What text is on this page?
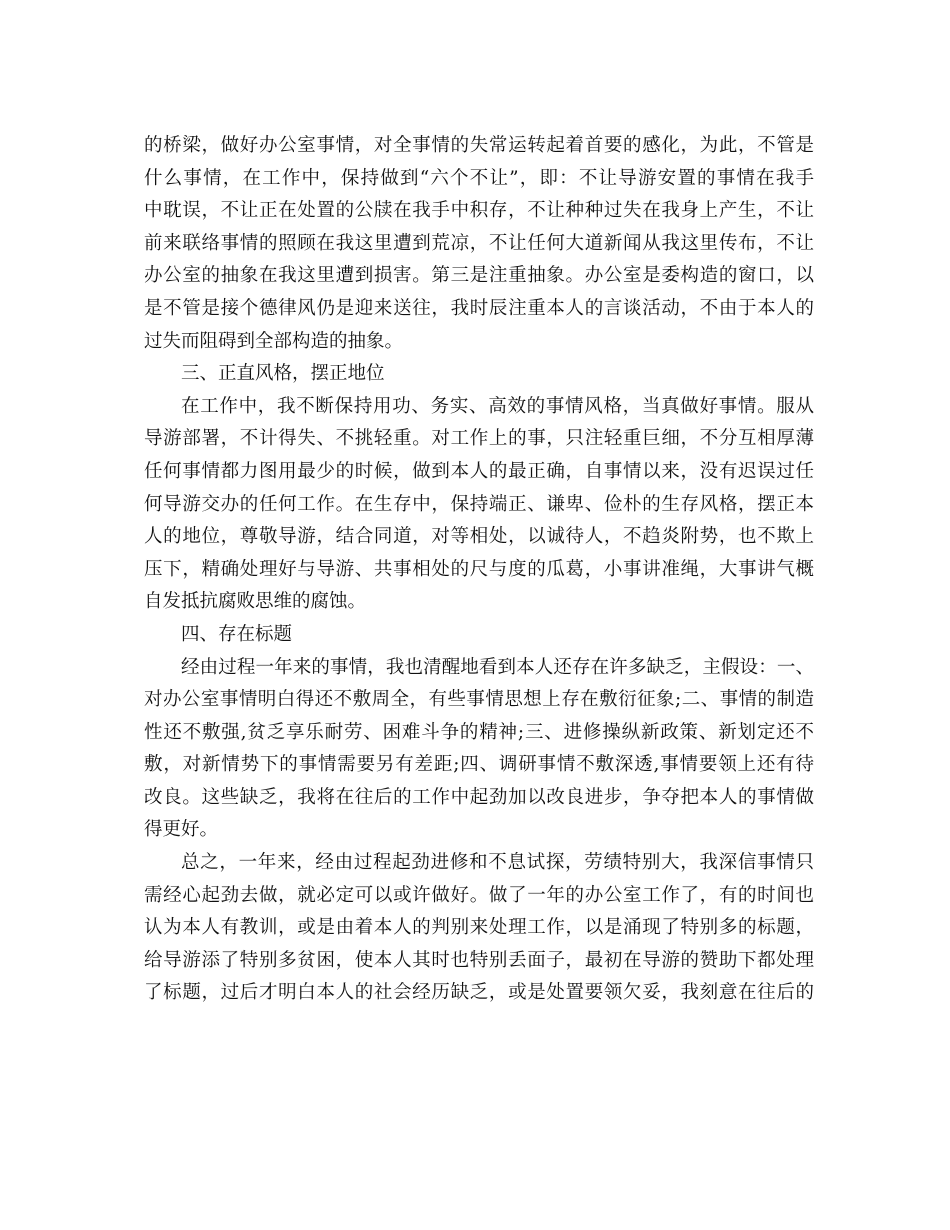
的桥梁，做好办公室事情，对全事情的失常运转起着首要的感化，为此，不管是
什么事情，在工作中，保持做到“六个不让”，即：不让导游安置的事情在我手
中耽误，不让正在处置的公牍在我手中积存，不让种种过失在我身上产生，不让
前来联络事情的照顾在我这里遭到荒凉，不让任何大道新闻从我这里传布，不让
办公室的抽象在我这里遭到损害。第三是注重抽象。办公室是委构造的窗口，以
是不管是接个德律风仍是迎来送往，我时辰注重本人的言谈活动，不由于本人的
过失而阻碍到全部构造的抽象。
三、正直风格，摆正地位
在工作中，我不断保持用功、务实、高效的事情风格，当真做好事情。服从
导游部署，不计得失、不挑轻重。对工作上的事，只注轻重巨细，不分互相厚薄
任何事情都力图用最少的时候，做到本人的最正确，自事情以来，没有迟误过任
何导游交办的任何工作。在生存中，保持端正、谦卑、俭朴的生存风格，摆正本
人的地位，尊敬导游，结合同道，对等相处，以诚待人，不趋炎附势，也不欺上
压下，精确处理好与导游、共事相处的尺与度的瓜葛，小事讲准绳，大事讲气概
自发抵抗腐败思维的腐蚀。
四、存在标题
经由过程一年来的事情，我也清醒地看到本人还存在许多缺乏，主假设：一、
对办公室事情明白得还不敷周全，有些事情思想上存在敷衍征象;二、事情的制造
性还不敷强,贫乏享乐耐劳、困难斗争的精神;三、进修操纵新政策、新划定还不
敷，对新情势下的事情需要另有差距;四、调研事情不敷深透,事情要领上还有待
改良。这些缺乏，我将在往后的工作中起劲加以改良进步，争夺把本人的事情做
得更好。
总之，一年来，经由过程起劲进修和不息试探，劳绩特别大，我深信事情只
需经心起劲去做，就必定可以或许做好。做了一年的办公室工作了，有的时间也
认为本人有教训，或是由着本人的判别来处理工作，以是涌现了特别多的标题，
给导游添了特别多贫困，使本人其时也特别丢面子，最初在导游的赞助下都处理
了标题，过后才明白本人的社会经历缺乏，或是处置要领欠妥，我刻意在往后的
